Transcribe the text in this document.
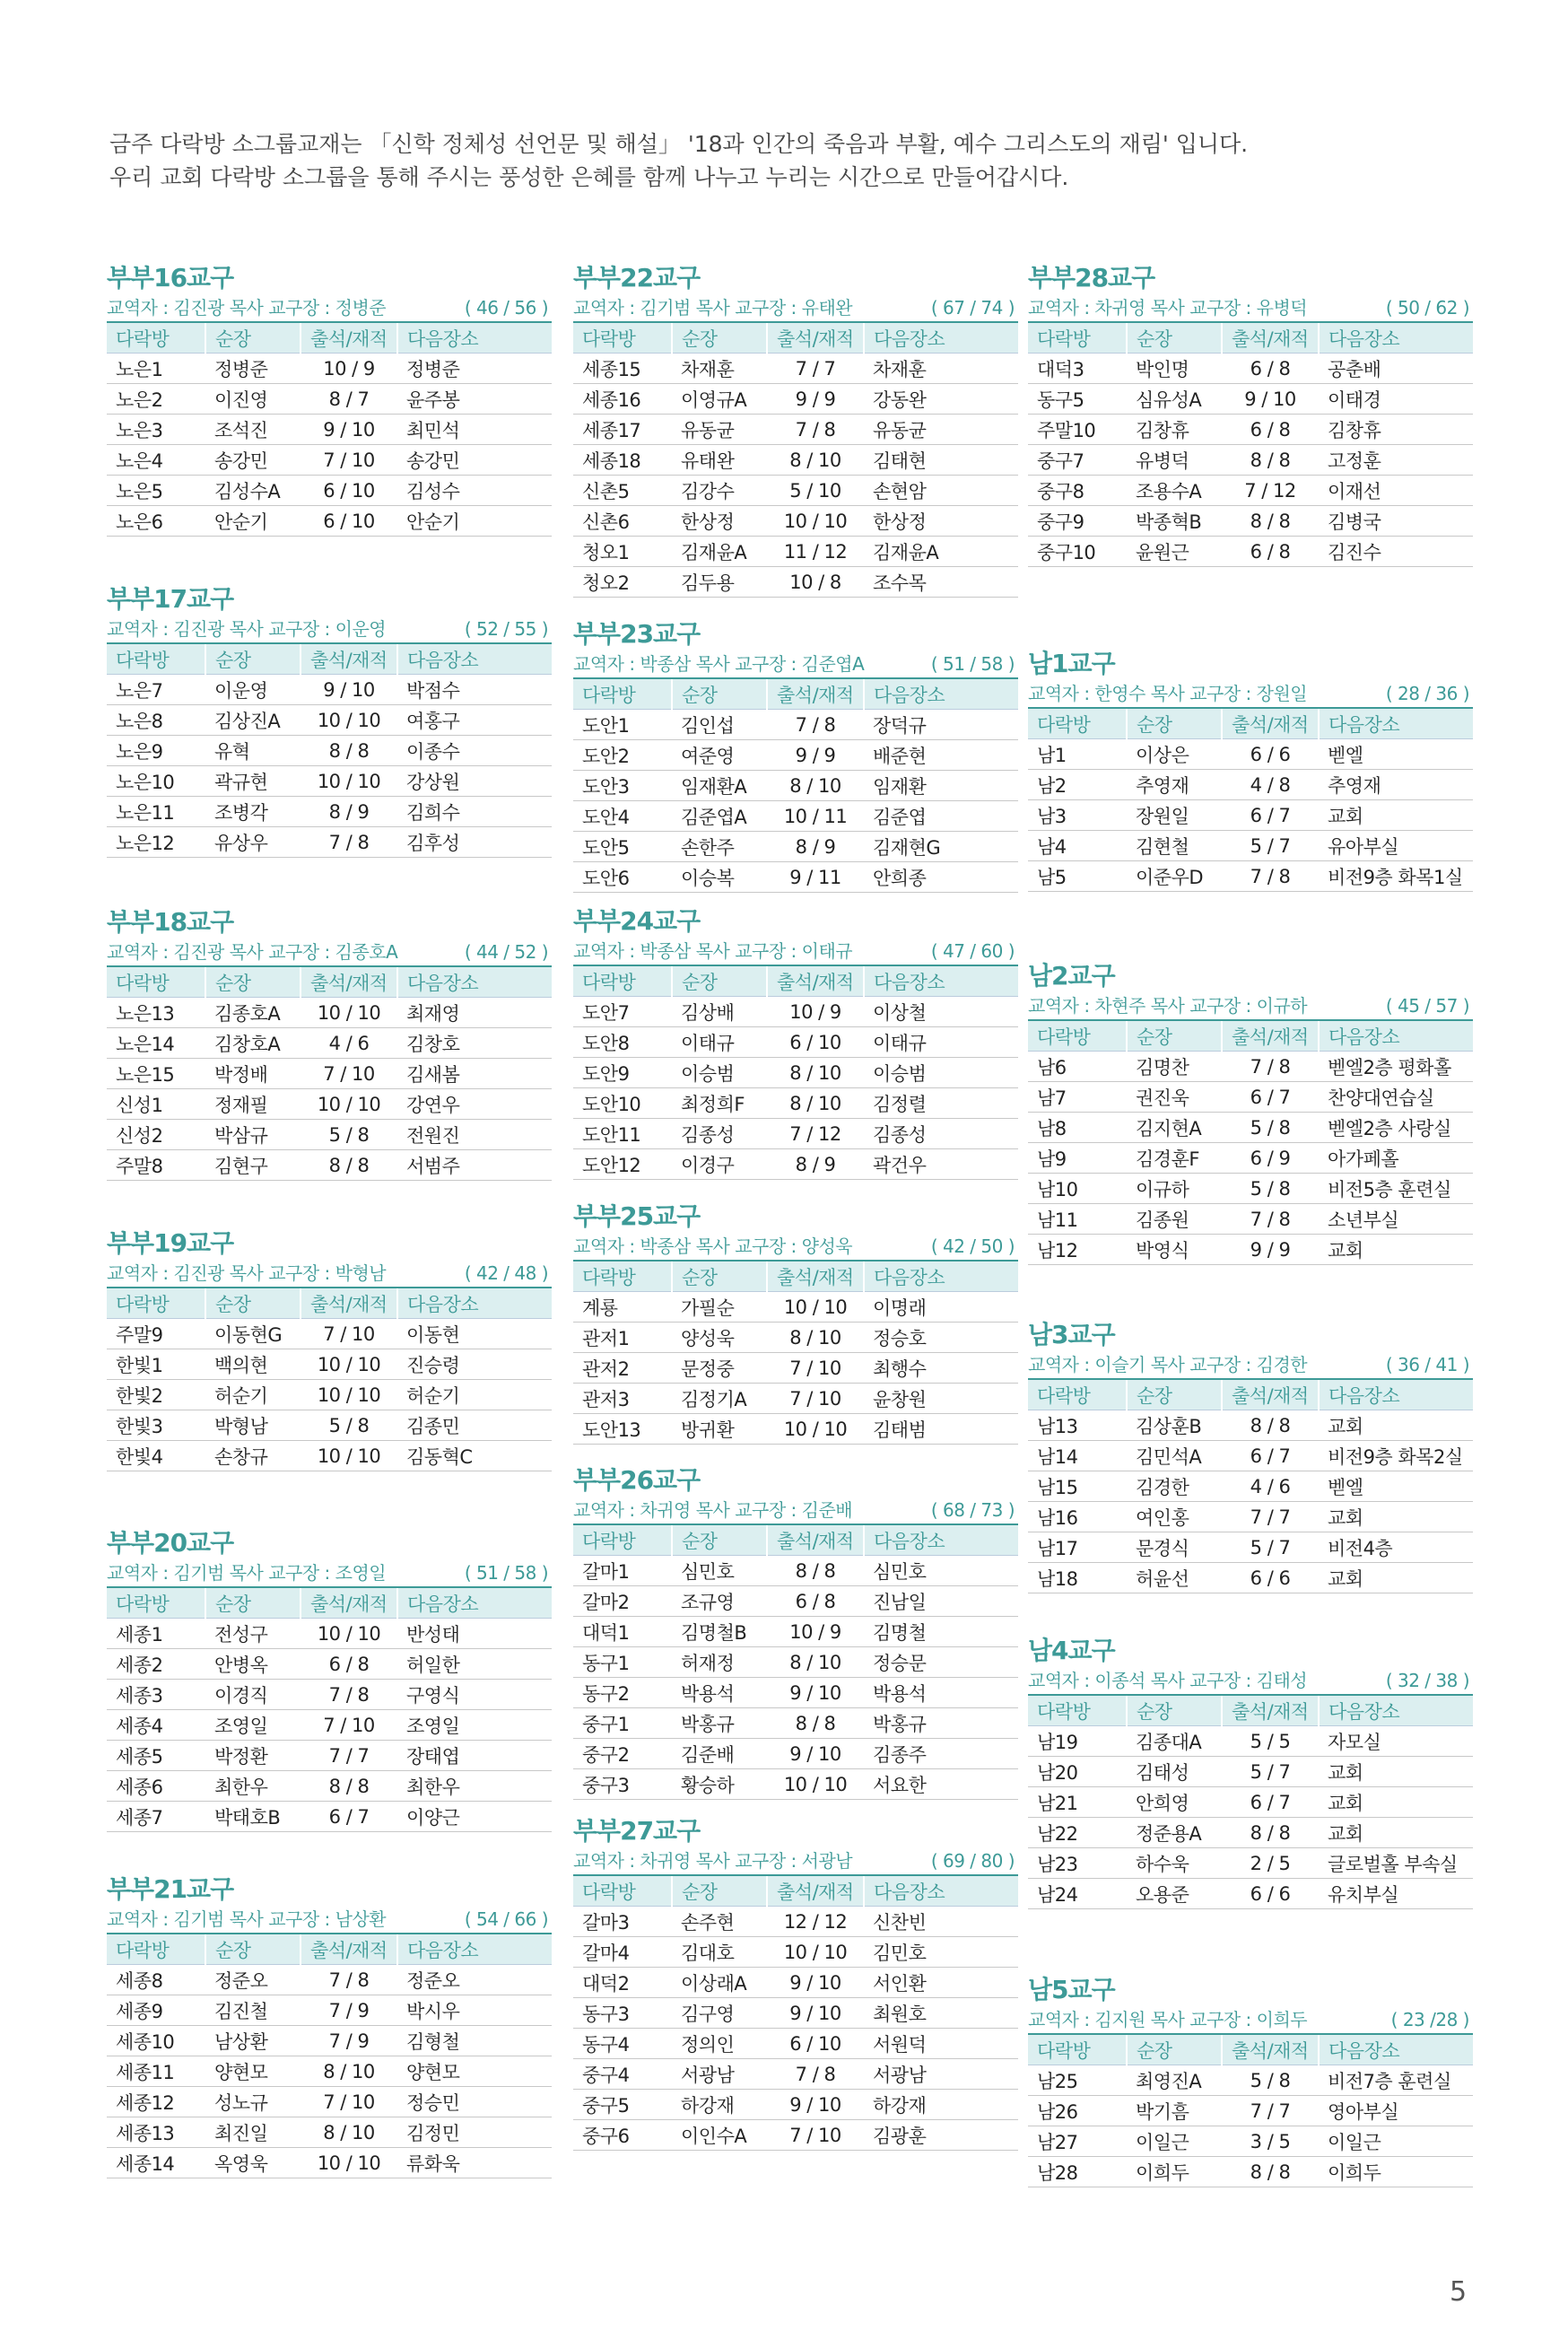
금주 다락방 소그룹교재는 「신학 정체성 선언문 및 해설」 '18과 인간의 죽음과 부활, 예수 그리스도의 재림' 입니다.
우리 교회 다락방 소그룹을 통해 주시는 풍성한 은혜를 함께 나누고 누리는 시간으로 만들어갑시다.
부부16교구
교역자 : 김진광 목사 교구장 : 정병준	( 46 / 56 )
다락방	순장	출석/재적	다음장소
노은1	정병준	10 / 9	정병준
노은2	이진영	8 / 7	윤주봉
노은3	조석진	9 / 10	최민석
노은4	송강민	7 / 10	송강민
노은5	김성수A	6 / 10	김성수
노은6	안순기	6 / 10	안순기
부부17교구
교역자 : 김진광 목사 교구장 : 이운영	( 52 / 55 )
다락방	순장	출석/재적	다음장소
노은7	이운영	9 / 10	박점수
노은8	김상진A	10 / 10	여홍구
노은9	유혁	8 / 8	이종수
노은10	곽규현	10 / 10	강상원
노은11	조병각	8 / 9	김희수
노은12	유상우	7 / 8	김후성
부부18교구
교역자 : 김진광 목사 교구장 : 김종호A	( 44 / 52 )
다락방	순장	출석/재적	다음장소
노은13	김종호A	10 / 10	최재영
노은14	김창호A	4 / 6	김창호
노은15	박정배	7 / 10	김새봄
신성1	정재필	10 / 10	강연우
신성2	박삼규	5 / 8	전원진
주말8	김현구	8 / 8	서범주
부부19교구
교역자 : 김진광 목사 교구장 : 박형남	( 42 / 48 )
다락방	순장	출석/재적	다음장소
주말9	이동현G	7 / 10	이동현
한빛1	백의현	10 / 10	진승령
한빛2	허순기	10 / 10	허순기
한빛3	박형남	5 / 8	김종민
한빛4	손창규	10 / 10	김동혁C
부부20교구
교역자 : 김기범 목사 교구장 : 조영일	( 51 / 58 )
다락방	순장	출석/재적	다음장소
세종1	전성구	10 / 10	반성태
세종2	안병옥	6 / 8	허일한
세종3	이경직	7 / 8	구영식
세종4	조영일	7 / 10	조영일
세종5	박정환	7 / 7	장태엽
세종6	최한우	8 / 8	최한우
세종7	박태호B	6 / 7	이양근
부부21교구
교역자 : 김기범 목사 교구장 : 남상환	( 54 / 66 )
다락방	순장	출석/재적	다음장소
세종8	정준오	7 / 8	정준오
세종9	김진철	7 / 9	박시우
세종10	남상환	7 / 9	김형철
세종11	양현모	8 / 10	양현모
세종12	성노규	7 / 10	정승민
세종13	최진일	8 / 10	김정민
세종14	옥영욱	10 / 10	류화욱
부부22교구
교역자 : 김기범 목사 교구장 : 유태완	( 67 / 74 )
다락방	순장	출석/재적	다음장소
세종15	차재훈	7 / 7	차재훈
세종16	이영규A	9 / 9	강동완
세종17	유동균	7 / 8	유동균
세종18	유태완	8 / 10	김태현
신촌5	김강수	5 / 10	손현암
신촌6	한상정	10 / 10	한상정
청오1	김재윤A	11 / 12	김재윤A
청오2	김두용	10 / 8	조수목
부부23교구
교역자 : 박종삼 목사 교구장 : 김준엽A	( 51 / 58 )
다락방	순장	출석/재적	다음장소
도안1	김인섭	7 / 8	장덕규
도안2	여준영	9 / 9	배준현
도안3	임재환A	8 / 10	임재환
도안4	김준엽A	10 / 11	김준엽
도안5	손한주	8 / 9	김재현G
도안6	이승복	9 / 11	안희종
부부24교구
교역자 : 박종삼 목사 교구장 : 이태규	( 47 / 60 )
다락방	순장	출석/재적	다음장소
도안7	김상배	10 / 9	이상철
도안8	이태규	6 / 10	이태규
도안9	이승범	8 / 10	이승범
도안10	최정희F	8 / 10	김정렬
도안11	김종성	7 / 12	김종성
도안12	이경구	8 / 9	곽건우
부부25교구
교역자 : 박종삼 목사 교구장 : 양성욱	( 42 / 50 )
다락방	순장	출석/재적	다음장소
계룡	가필순	10 / 10	이명래
관저1	양성욱	8 / 10	정승호
관저2	문정중	7 / 10	최행수
관저3	김정기A	7 / 10	윤창원
도안13	방귀환	10 / 10	김태범
부부26교구
교역자 : 차귀영 목사 교구장 : 김준배	( 68 / 73 )
다락방	순장	출석/재적	다음장소
갈마1	심민호	8 / 8	심민호
갈마2	조규영	6 / 8	진남일
대덕1	김명철B	10 / 9	김명철
동구1	허재정	8 / 10	정승문
동구2	박용석	9 / 10	박용석
중구1	박홍규	8 / 8	박홍규
중구2	김준배	9 / 10	김종주
중구3	황승하	10 / 10	서요한
부부27교구
교역자 : 차귀영 목사 교구장 : 서광남	( 69 / 80 )
다락방	순장	출석/재적	다음장소
갈마3	손주현	12 / 12	신찬빈
갈마4	김대호	10 / 10	김민호
대덕2	이상래A	9 / 10	서인환
동구3	김구영	9 / 10	최원호
동구4	정의인	6 / 10	서원덕
중구4	서광남	7 / 8	서광남
중구5	하강재	9 / 10	하강재
중구6	이인수A	7 / 10	김광훈
부부28교구
교역자 : 차귀영 목사 교구장 : 유병덕	( 50 / 62 )
다락방	순장	출석/재적	다음장소
대덕3	박인명	6 / 8	공춘배
동구5	심유성A	9 / 10	이태경
주말10	김창휴	6 / 8	김창휴
중구7	유병덕	8 / 8	고정훈
중구8	조용수A	7 / 12	이재선
중구9	박종혁B	8 / 8	김병국
중구10	윤원근	6 / 8	김진수
남1교구
교역자 : 한영수 목사 교구장 : 장원일	( 28 / 36 )
다락방	순장	출석/재적	다음장소
남1	이상은	6 / 6	벧엘
남2	추영재	4 / 8	추영재
남3	장원일	6 / 7	교회
남4	김현철	5 / 7	유아부실
남5	이준우D	7 / 8	비전9층 화목1실
남2교구
교역자 : 차현주 목사 교구장 : 이규하	( 45 / 57 )
다락방	순장	출석/재적	다음장소
남6	김명찬	7 / 8	벧엘2층 평화홀
남7	권진욱	6 / 7	찬양대연습실
남8	김지현A	5 / 8	벧엘2층 사랑실
남9	김경훈F	6 / 9	아가페홀
남10	이규하	5 / 8	비전5층 훈련실
남11	김종원	7 / 8	소년부실
남12	박영식	9 / 9	교회
남3교구
교역자 : 이슬기 목사 교구장 : 김경한	( 36 / 41 )
다락방	순장	출석/재적	다음장소
남13	김상훈B	8 / 8	교회
남14	김민석A	6 / 7	비전9층 화목2실
남15	김경한	4 / 6	벧엘
남16	여인홍	7 / 7	교회
남17	문경식	5 / 7	비전4층
남18	허윤선	6 / 6	교회
남4교구
교역자 : 이종석 목사 교구장 : 김태성	( 32 / 38 )
다락방	순장	출석/재적	다음장소
남19	김종대A	5 / 5	자모실
남20	김태성	5 / 7	교회
남21	안희영	6 / 7	교회
남22	정준용A	8 / 8	교회
남23	하수욱	2 / 5	글로벌홀 부속실
남24	오용준	6 / 6	유치부실
남5교구
교역자 : 김지원 목사 교구장 : 이희두	( 23 /28 )
다락방	순장	출석/재적	다음장소
남25	최영진A	5 / 8	비전7층 훈련실
남26	박기흠	7 / 7	영아부실
남27	이일근	3 / 5	이일근
남28	이희두	8 / 8	이희두
5
